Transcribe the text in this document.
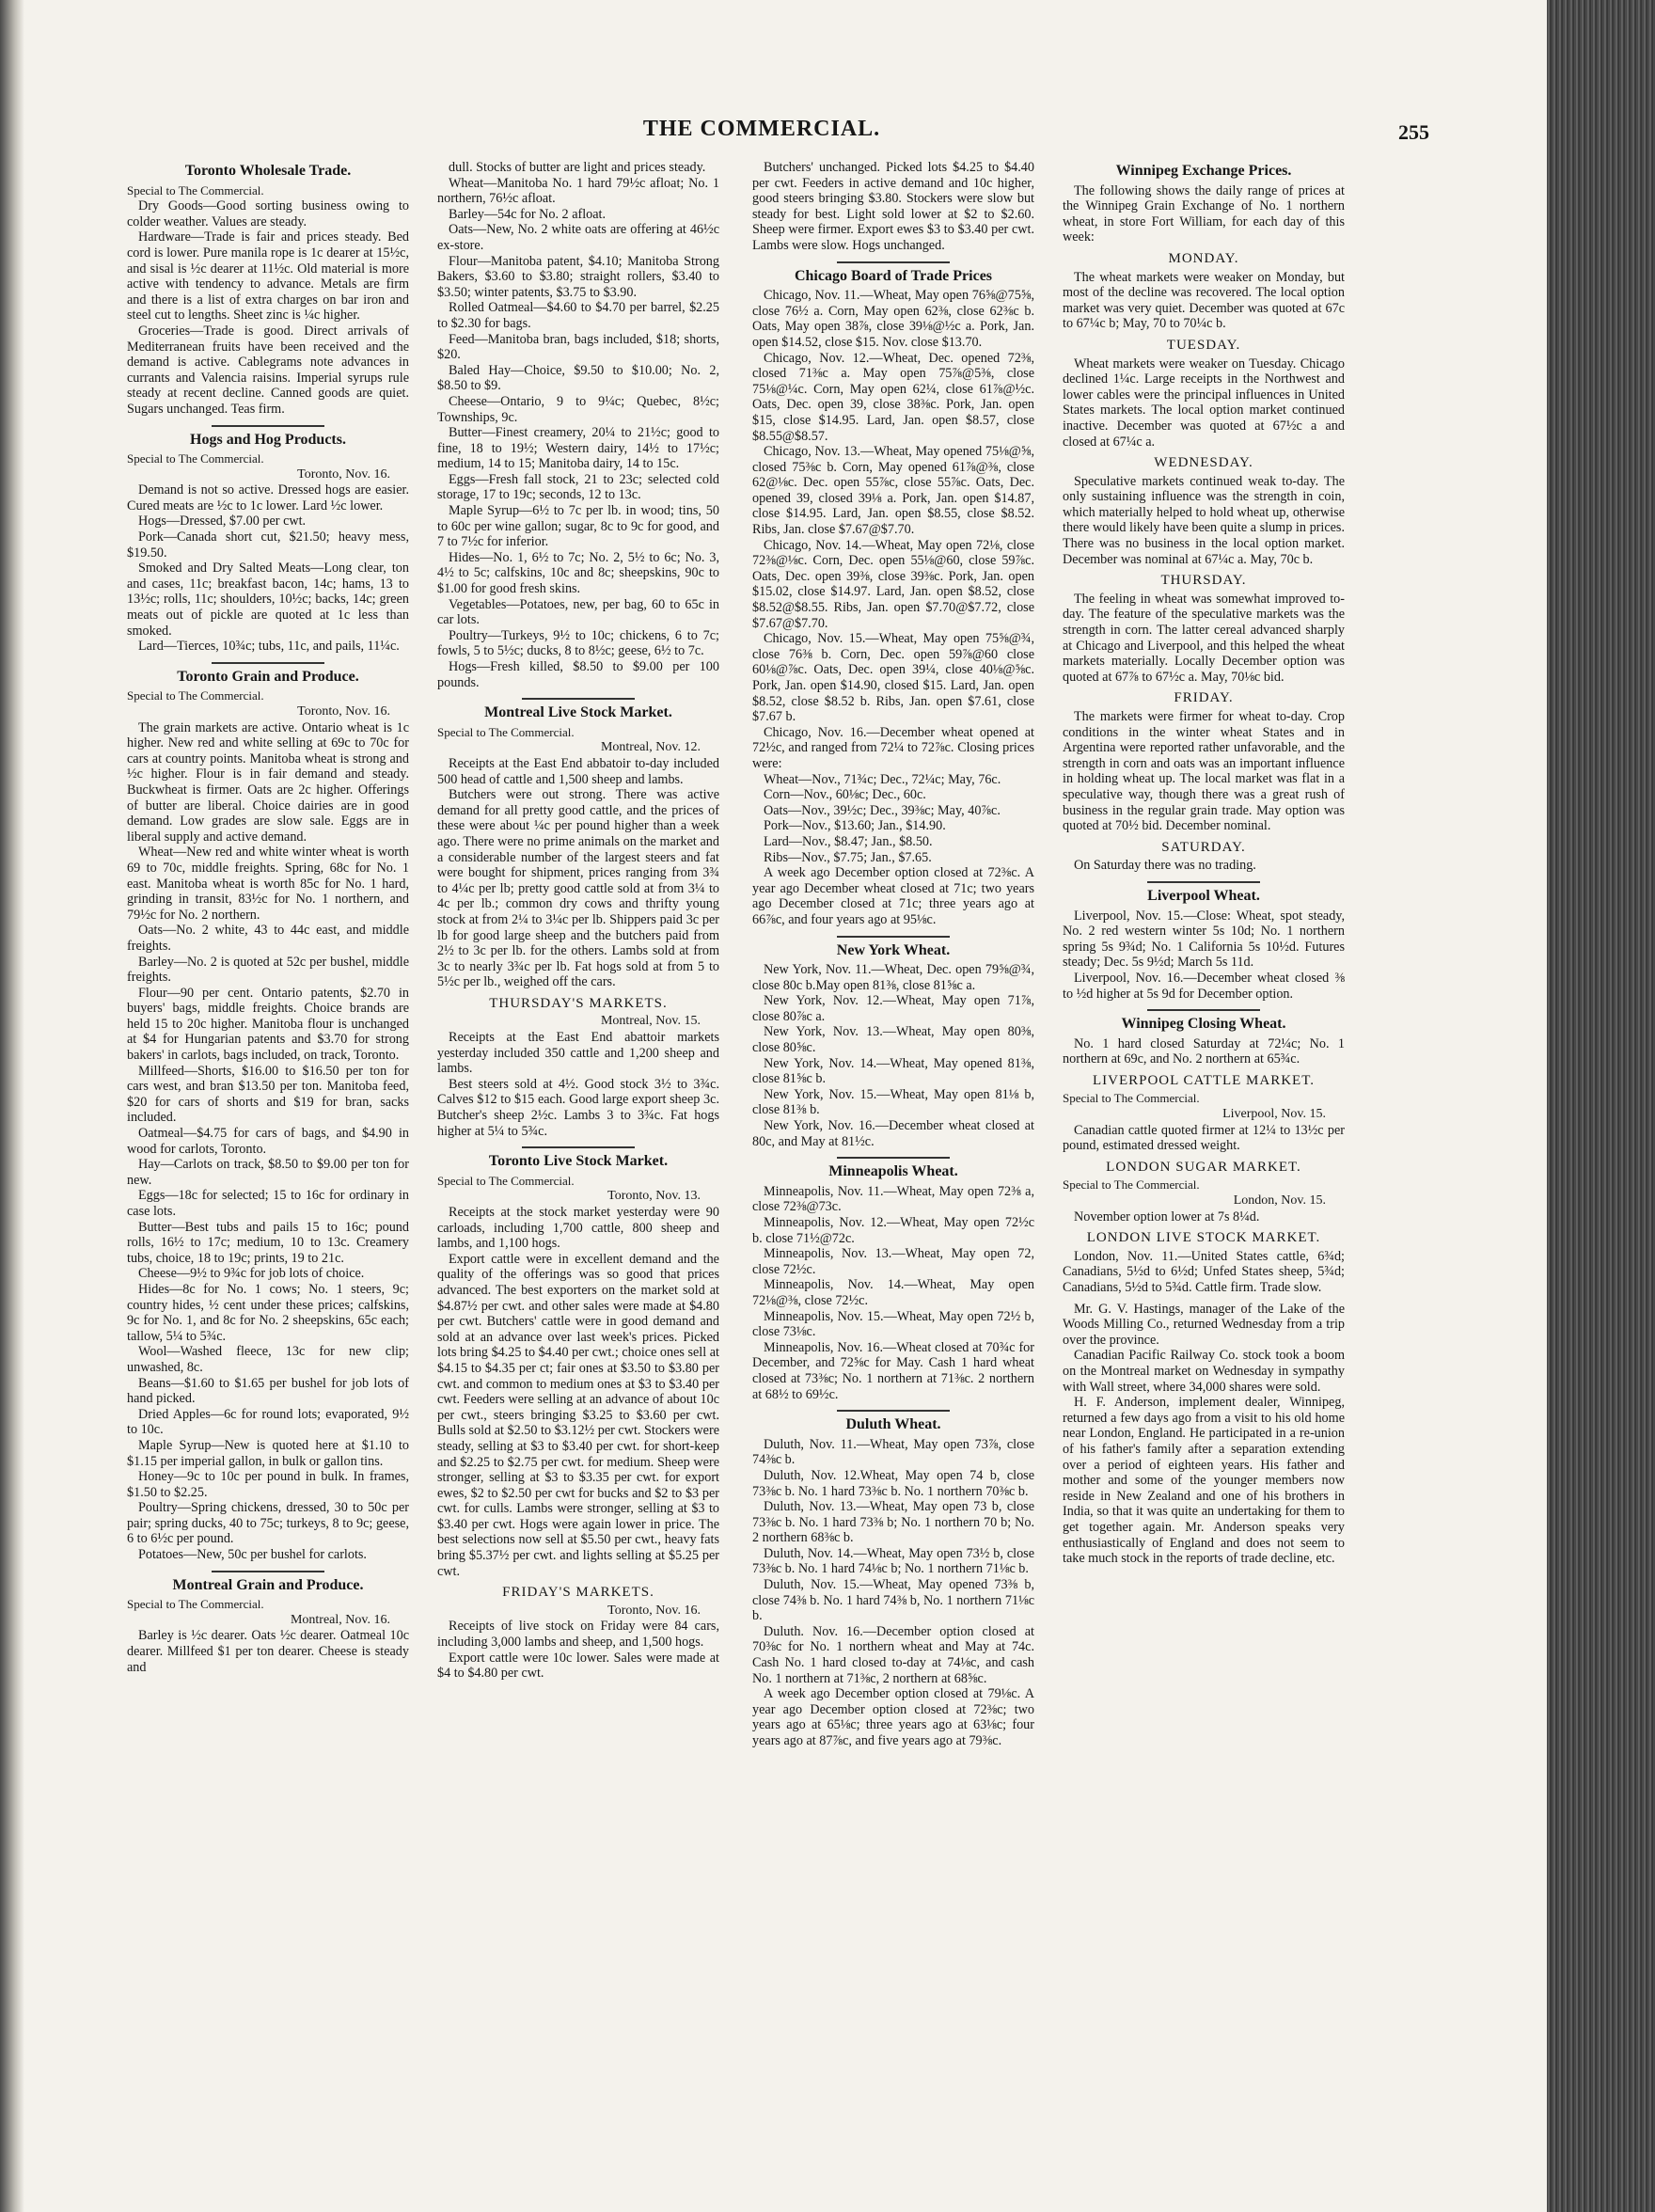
THE COMMERCIAL.	255
Toronto Wholesale Trade.

Special to The Commercial.

Dry Goods—Good sorting business owing to colder weather. Values are steady.

Hardware—Trade is fair and prices steady. Bed cord is lower. Pure manila rope is 1c dearer at 15½c, and sisal is ½c dearer at 11½c. Old material is more active with tendency to advance. Metals are firm and there is a list of extra charges on bar iron and steel cut to lengths. Sheet zinc is ¼c higher.

Groceries—Trade is good. Direct arrivals of Mediterranean fruits have been received and the demand is active. Cablegrams note advances in currants and Valencia raisins. Imperial syrups rule steady at recent decline. Canned goods are quiet. Sugars unchanged. Teas firm.

Hogs and Hog Products.

Special to The Commercial.

Toronto, Nov. 16.

Demand is not so active. Dressed hogs are easier. Cured meats are ½c to 1c lower. Lard ½c lower.

Hogs—Dressed, $7.00 per cwt.

Pork—Canada short cut, $21.50; heavy mess, $19.50.

Smoked and Dry Salted Meats—Long clear, ton and cases, 11c; breakfast bacon, 14c; hams, 13 to 13½c; rolls, 11c; shoulders, 10½c; backs, 14c; green meats out of pickle are quoted at 1c less than smoked.

Lard—Tierces, 10¾c; tubs, 11c, and pails, 11¼c.

Toronto Grain and Produce.

Special to The Commercial.

Toronto, Nov. 16.

The grain markets are active. Ontario wheat is 1c higher. New red and white selling at 69c to 70c for cars at country points. Manitoba wheat is strong and ½c higher. Flour is in fair demand and steady. Buckwheat is firmer. Oats are 2c higher. Offerings of butter are liberal. Choice dairies are in good demand. Low grades are slow sale. Eggs are in liberal supply and active demand.

Wheat—New red and white winter wheat is worth 69 to 70c, middle freights. Spring, 68c for No. 1 east. Manitoba wheat is worth 85c for No. 1 hard, grinding in transit, 83½c for No. 1 northern, and 79½c for No. 2 northern.

Oats—No. 2 white, 43 to 44c east, and middle freights.

Barley—No. 2 is quoted at 52c per bushel, middle freights.

Flour—90 per cent. Ontario patents, $2.70 in buyers' bags, middle freights. Choice brands are held 15 to 20c higher. Manitoba flour is unchanged at $4 for Hungarian patents and $3.70 for strong bakers' in carlots, bags included, on track, Toronto.

Millfeed—Shorts, $16.00 to $16.50 per ton for cars west, and bran $13.50 per ton. Manitoba feed, $20 for cars of shorts and $19 for bran, sacks included.

Oatmeal—$4.75 for cars of bags, and $4.90 in wood for carlots, Toronto.

Hay—Carlots on track, $8.50 to $9.00 per ton for new.

Eggs—18c for selected; 15 to 16c for ordinary in case lots.

Butter—Best tubs and pails 15 to 16c; pound rolls, 16½ to 17c; medium, 10 to 13c. Creamery tubs, choice, 18 to 19c; prints, 19 to 21c.

Cheese—9½ to 9¾c for job lots of choice.

Hides—8c for No. 1 cows; No. 1 steers, 9c; country hides, ½ cent under these prices; calfskins, 9c for No. 1, and 8c for No. 2 sheepskins, 65c each; tallow, 5¼ to 5¾c.

Wool—Washed fleece, 13c for new clip; unwashed, 8c.

Beans—$1.60 to $1.65 per bushel for job lots of hand picked.

Dried Apples—6c for round lots; evaporated, 9½ to 10c.

Maple Syrup—New is quoted here at $1.10 to $1.15 per imperial gallon, in bulk or gallon tins.

Honey—9c to 10c per pound in bulk. In frames, $1.50 to $2.25.

Poultry—Spring chickens, dressed, 30 to 50c per pair; spring ducks, 40 to 75c; turkeys, 8 to 9c; geese, 6 to 6½c per pound.

Potatoes—New, 50c per bushel for carlots.

Montreal Grain and Produce.

Special to The Commercial.

Montreal, Nov. 16.

Barley is ½c dearer. Oats ½c dearer. Oatmeal 10c dearer. Millfeed $1 per ton dearer. Cheese is steady and

dull. Stocks of butter are light and prices steady.

Wheat—Manitoba No. 1 hard 79½c afloat; No. 1 northern, 76½c afloat.

Barley—54c for No. 2 afloat.

Oats—New, No. 2 white oats are offering at 46½c ex-store.

Flour—Manitoba patent, $4.10; Manitoba Strong Bakers, $3.60 to $3.80; straight rollers, $3.40 to $3.50; winter patents, $3.75 to $3.90.

Rolled Oatmeal—$4.60 to $4.70 per barrel, $2.25 to $2.30 for bags.

Feed—Manitoba bran, bags included, $18; shorts, $20.

Baled Hay—Choice, $9.50 to $10.00; No. 2, $8.50 to $9.

Cheese—Ontario, 9 to 9¼c; Quebec, 8½c; Townships, 9c.

Butter—Finest creamery, 20¼ to 21½c; good to fine, 18 to 19½; Western dairy, 14½ to 17½c; medium, 14 to 15; Manitoba dairy, 14 to 15c.

Eggs—Fresh fall stock, 21 to 23c; selected cold storage, 17 to 19c; seconds, 12 to 13c.

Maple Syrup—6½ to 7c per lb. in wood; tins, 50 to 60c per wine gallon; sugar, 8c to 9c for good, and 7 to 7½c for inferior.

Hides—No. 1, 6½ to 7c; No. 2, 5½ to 6c; No. 3, 4½ to 5c; calfskins, 10c and 8c; sheepskins, 90c to $1.00 for good fresh skins.

Vegetables—Potatoes, new, per bag, 60 to 65c in car lots.

Poultry—Turkeys, 9½ to 10c; chickens, 6 to 7c; fowls, 5 to 5½c; ducks, 8 to 8½c; geese, 6½ to 7c.

Hogs—Fresh killed, $8.50 to $9.00 per 100 pounds.

Montreal Live Stock Market.

Special to The Commercial.

Montreal, Nov. 12.

Receipts at the East End abbatoir to-day included 500 head of cattle and 1,500 sheep and lambs.

Butchers were out strong. There was active demand for all pretty good cattle, and the prices of these were about ¼c per pound higher than a week ago. There were no prime animals on the market and a considerable number of the largest steers and fat were bought for shipment, prices ranging from 3¾ to 4¼c per lb; pretty good cattle sold at from 3¼ to 4c per lb.; common dry cows and thrifty young stock at from 2¼ to 3¼c per lb. Shippers paid 3c per lb for good large sheep and the butchers paid from 2½ to 3c per lb. for the others. Lambs sold at from 3c to nearly 3¾c per lb. Fat hogs sold at from 5 to 5½c per lb., weighed off the cars.

THURSDAY'S MARKETS.

Montreal, Nov. 15.

Receipts at the East End abattoir markets yesterday included 350 cattle and 1,200 sheep and lambs.

Best steers sold at 4½. Good stock 3½ to 3¾c. Calves $12 to $15 each. Good large export sheep 3c. Butcher's sheep 2½c. Lambs 3 to 3¾c. Fat hogs higher at 5¼ to 5¾c.

Toronto Live Stock Market.

Special to The Commercial.

Toronto, Nov. 13.

Receipts at the stock market yesterday were 90 carloads, including 1,700 cattle, 800 sheep and lambs, and 1,100 hogs.

Export cattle were in excellent demand and the quality of the offerings was so good that prices advanced. The best exporters on the market sold at $4.87½ per cwt. and other sales were made at $4.80 per cwt. Butchers' cattle were in good demand and sold at an advance over last week's prices. Picked lots bring $4.25 to $4.40 per cwt.; choice ones sell at $4.15 to $4.35 per ct; fair ones at $3.50 to $3.80 per cwt. and common to medium ones at $3 to $3.40 per cwt. Feeders were selling at an advance of about 10c per cwt., steers bringing $3.25 to $3.60 per cwt. Bulls sold at $2.50 to $3.12½ per cwt. Stockers were steady, selling at $3 to $3.40 per cwt. for short-keep and $2.25 to $2.75 per cwt. for medium. Sheep were stronger, selling at $3 to $3.35 per cwt. for export ewes, $2 to $2.50 per cwt for bucks and $2 to $3 per cwt. for culls. Lambs were stronger, selling at $3 to $3.40 per cwt. Hogs were again lower in price. The best selections now sell at $5.50 per cwt., heavy fats bring $5.37½ per cwt. and lights selling at $5.25 per cwt.

FRIDAY'S MARKETS.

Toronto, Nov. 16.

Receipts of live stock on Friday were 84 cars, including 3,000 lambs and sheep, and 1,500 hogs.

Export cattle were 10c lower. Sales were made at $4 to $4.80 per cwt.

Butchers' unchanged. Picked lots $4.25 to $4.40 per cwt. Feeders in active demand and 10c higher, good steers bringing $3.80. Stockers were slow but steady for best. Light sold lower at $2 to $2.60. Sheep were firmer. Export ewes $3 to $3.40 per cwt. Lambs were slow. Hogs unchanged.

Chicago Board of Trade Prices

Chicago, Nov. 11.—Wheat, May open 76⅝@75⅝, close 76½ a. Corn, May open 62⅜, close 62⅜c b. Oats, May open 38⅞, close 39⅛@½c a. Pork, Jan. open $14.52, close $15. Nov. close $13.70.

Chicago, Nov. 12.—Wheat, Dec. opened 72⅜, closed 71⅜c a. May open 75⅞@5⅜, close 75⅛@¼c. Corn, May open 62¼, close 61⅞@½c. Oats, Dec. open 39, close 38⅜c. Pork, Jan. open $15, close $14.95. Lard, Jan. open $8.57, close $8.55@$8.57.

Chicago, Nov. 13.—Wheat, May opened 75⅛@⅝, closed 75⅜c b. Corn, May opened 61⅞@⅜, close 62@⅛c. Dec. open 55⅞c, close 55⅞c. Oats, Dec. opened 39, closed 39⅛ a. Pork, Jan. open $14.87, close $14.95. Lard, Jan. open $8.55, close $8.52. Ribs, Jan. close $7.67@$7.70.

Chicago, Nov. 14.—Wheat, May open 72⅛, close 72⅜@⅛c. Corn, Dec. open 55⅛@60, close 59⅞c. Oats, Dec. open 39⅜, close 39⅜c. Pork, Jan. open $15.02, close $14.97. Lard, Jan. open $8.52, close $8.52@$8.55. Ribs, Jan. open $7.70@$7.72, close $7.67@$7.70.

Chicago, Nov. 15.—Wheat, May open 75⅝@¾, close 76⅜ b. Corn, Dec. open 59⅞@60 close 60⅛@⅞c. Oats, Dec. open 39¼, close 40⅛@⅝c. Pork, Jan. open $14.90, closed $15. Lard, Jan. open $8.52, close $8.52 b. Ribs, Jan. open $7.61, close $7.67 b.

Chicago, Nov. 16.—December wheat opened at 72½c, and ranged from 72¼ to 72⅞c. Closing prices were:

Wheat—Nov., 71¾c; Dec., 72¼c; May, 76c.

Corn—Nov., 60⅛c; Dec., 60c.

Oats—Nov., 39½c; Dec., 39⅜c; May, 40⅞c.

Pork—Nov., $13.60; Jan., $14.90.

Lard—Nov., $8.47; Jan., $8.50.

Ribs—Nov., $7.75; Jan., $7.65.

A week ago December option closed at 72⅜c. A year ago December wheat closed at 71c; two years ago December closed at 71c; three years ago at 66⅞c, and four years ago at 95⅛c.

New York Wheat.

New York, Nov. 11.—Wheat, Dec. open 79⅝@¾, close 80c b.May open 81⅜, close 81⅝c a.

New York, Nov. 12.—Wheat, May open 71⅞, close 80⅞c a.

New York, Nov. 13.—Wheat, May open 80⅜, close 80⅝c.

New York, Nov. 14.—Wheat, May opened 81⅜, close 81⅝c b.

New York, Nov. 15.—Wheat, May open 81⅛ b, close 81⅜ b.

New York, Nov. 16.—December wheat closed at 80c, and May at 81½c.

Minneapolis Wheat.

Minneapolis, Nov. 11.—Wheat, May open 72⅜ a, close 72⅜@73c.

Minneapolis, Nov. 12.—Wheat, May open 72½c b. close 71½@72c.

Minneapolis, Nov. 13.—Wheat, May open 72, close 72½c.

Minneapolis, Nov. 14.—Wheat, May open 72⅛@⅜, close 72½c.

Minneapolis, Nov. 15.—Wheat, May open 72½ b, close 73⅛c.

Minneapolis, Nov. 16.—Wheat closed at 70¾c for December, and 72⅝c for May. Cash 1 hard wheat closed at 73⅜c; No. 1 northern at 71⅜c. 2 northern at 68½ to 69½c.

Duluth Wheat.

Duluth, Nov. 11.—Wheat, May open 73⅞, close 74⅜c b.

Duluth, Nov. 12.Wheat, May open 74 b, close 73⅜c b. No. 1 hard 73⅜c b. No. 1 northern 70⅜c b.

Duluth, Nov. 13.—Wheat, May open 73 b, close 73⅜c b. No. 1 hard 73⅜ b; No. 1 northern 70 b; No. 2 northern 68⅜c b.

Duluth, Nov. 14.—Wheat, May open 73½ b, close 73⅜c b. No. 1 hard 74⅛c b; No. 1 northern 71⅛c b.

Duluth, Nov. 15.—Wheat, May opened 73⅜ b, close 74⅜ b. No. 1 hard 74⅜ b, No. 1 northern 71⅛c b.

Duluth. Nov. 16.—December option closed at 70⅜c for No. 1 northern wheat and May at 74c. Cash No. 1 hard closed to-day at 74⅛c, and cash No. 1 northern at 71⅜c, 2 northern at 68⅝c.

A week ago December option closed at 79⅛c. A year ago December option closed at 72⅜c; two years ago at 65⅛c; three years ago at 63⅛c; four years ago at 87⅞c, and five years ago at 79⅜c.

Winnipeg Exchange Prices.

The following shows the daily range of prices at the Winnipeg Grain Exchange of No. 1 northern wheat, in store Fort William, for each day of this week:

MONDAY.

The wheat markets were weaker on Monday, but most of the decline was recovered. The local option market was very quiet. December was quoted at 67c to 67¼c b; May, 70 to 70¼c b.

TUESDAY.

Wheat markets were weaker on Tuesday. Chicago declined 1¼c. Large receipts in the Northwest and lower cables were the principal influences in United States markets. The local option market continued inactive. December was quoted at 67½c a and closed at 67¼c a.

WEDNESDAY.

Speculative markets continued weak to-day. The only sustaining influence was the strength in coin, which materially helped to hold wheat up, otherwise there would likely have been quite a slump in prices. There was no business in the local option market. December was nominal at 67¼c a. May, 70c b.

THURSDAY.

The feeling in wheat was somewhat improved to-day. The feature of the speculative markets was the strength in corn. The latter cereal advanced sharply at Chicago and Liverpool, and this helped the wheat markets materially. Locally December option was quoted at 67⅞ to 67½c a. May, 70⅛c bid.

FRIDAY.

The markets were firmer for wheat to-day. Crop conditions in the winter wheat States and in Argentina were reported rather unfavorable, and the strength in corn and oats was an important influence in holding wheat up. The local market was flat in a speculative way, though there was a great rush of business in the regular grain trade. May option was quoted at 70½ bid. December nominal.

SATURDAY.

On Saturday there was no trading.

Liverpool Wheat.

Liverpool, Nov. 15.—Close: Wheat, spot steady, No. 2 red western winter 5s 10d; No. 1 northern spring 5s 9¾d; No. 1 California 5s 10½d. Futures steady; Dec. 5s 9½d; March 5s 11d.

Liverpool, Nov. 16.—December wheat closed ⅜ to ½d higher at 5s 9d for December option.

Winnipeg Closing Wheat.

No. 1 hard closed Saturday at 72¼c; No. 1 northern at 69c, and No. 2 northern at 65¾c.

LIVERPOOL CATTLE MARKET.

Special to The Commercial.

Liverpool, Nov. 15.

Canadian cattle quoted firmer at 12¼ to 13½c per pound, estimated dressed weight.

LONDON SUGAR MARKET.

Special to The Commercial.

London, Nov. 15.

November option lower at 7s 8¼d.

LONDON LIVE STOCK MARKET.

London, Nov. 11.—United States cattle, 6¾d; Canadians, 5½d to 6½d; Unfed States sheep, 5¾d; Canadians, 5½d to 5¾d. Cattle firm. Trade slow.

Mr. G. V. Hastings, manager of the Lake of the Woods Milling Co., returned Wednesday from a trip over the province.

Canadian Pacific Railway Co. stock took a boom on the Montreal market on Wednesday in sympathy with Wall street, where 34,000 shares were sold.

H. F. Anderson, implement dealer, Winnipeg, returned a few days ago from a visit to his old home near London, England. He participated in a re-union of his father's family after a separation extending over a period of eighteen years. His father and mother and some of the younger members now reside in New Zealand and one of his brothers in India, so that it was quite an undertaking for them to get together again. Mr. Anderson speaks very enthusiastically of England and does not seem to take much stock in the reports of trade decline, etc.
